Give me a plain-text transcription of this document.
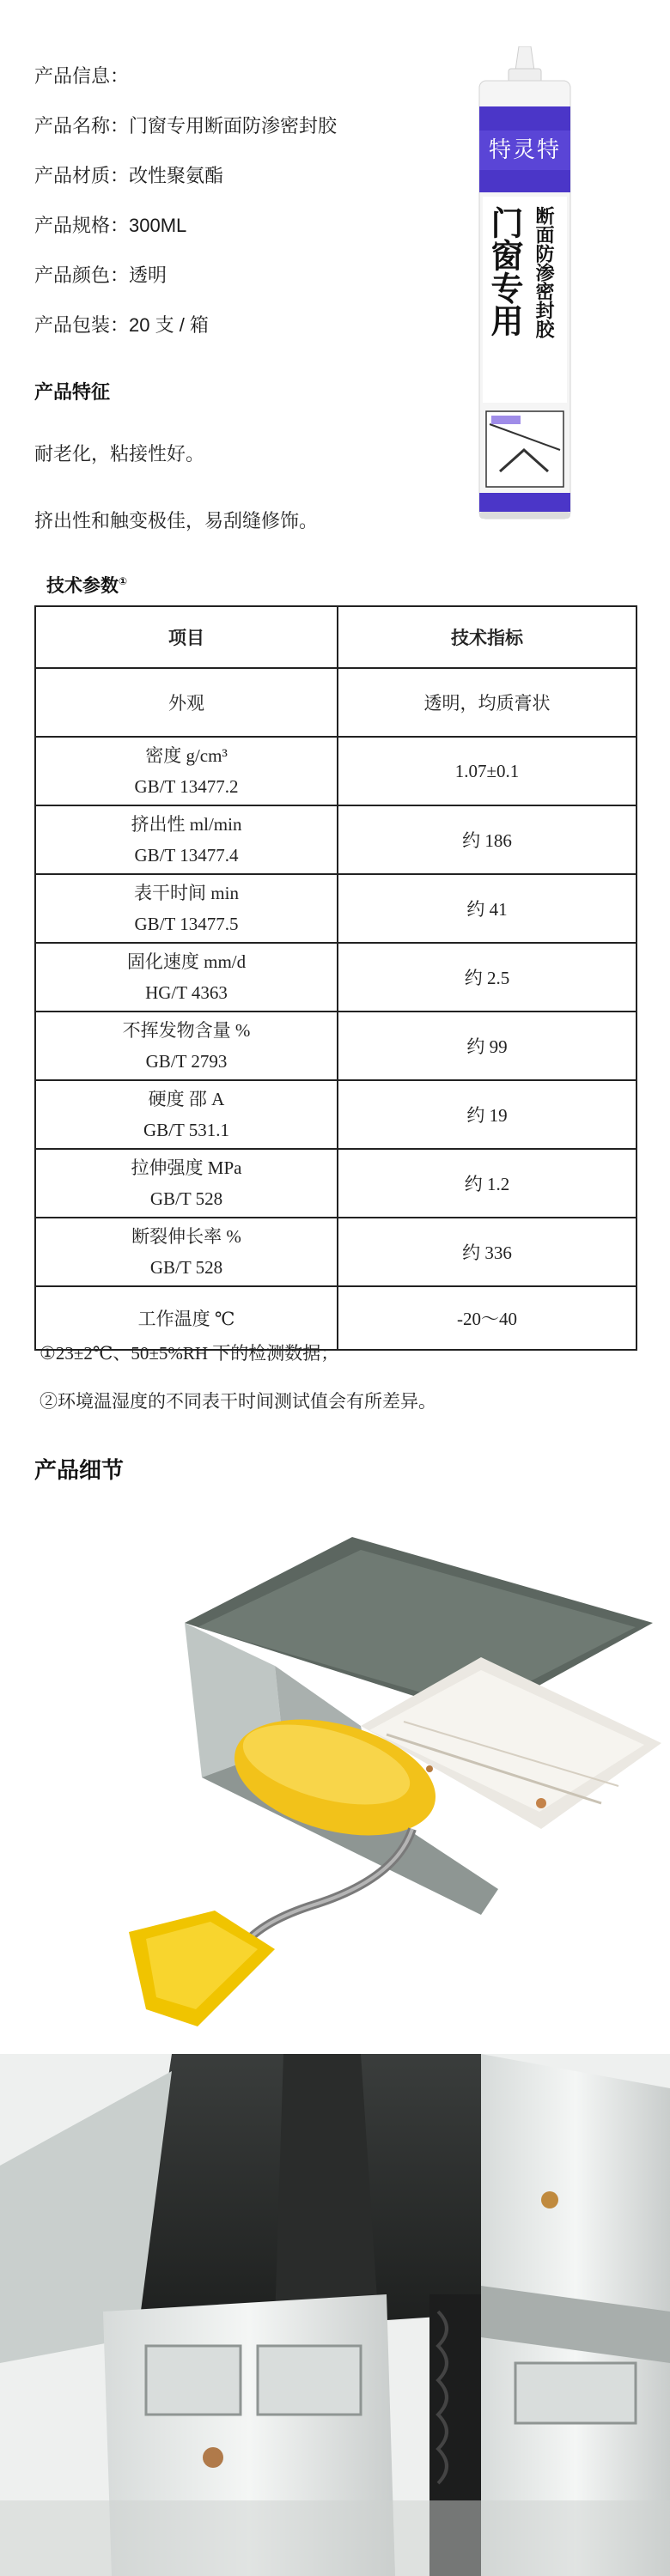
产品信息：
产品名称：门窗专用断面防渗密封胶
产品材质：改性聚氨酯
产品规格：300ML
产品颜色：透明
产品包装：20 支 / 箱
产品特征
耐老化，粘接性好。
挤出性和触变极佳，易刮缝修饰。
特灵特
门窗专用 断面防渗密封胶
技术参数①
项目	技术指标
外观	透明，均质膏状

密度 g/cm³
GB/T 13477.2	1.07±0.1

挤出性 ml/min
GB/T 13477.4	约 186

表干时间 min
GB/T 13477.5	约 41

固化速度 mm/d
HG/T 4363	约 2.5

不挥发物含量 %
GB/T 2793	约 99

硬度 邵 A
GB/T 531.1	约 19

拉伸强度 MPa
GB/T 528	约 1.2

断裂伸长率 %
GB/T 528	约 336
工作温度 ℃	-20～40
①23±2℃、50±5%RH 下的检测数据；
②环境温湿度的不同表干时间测试值会有所差异。
产品细节
